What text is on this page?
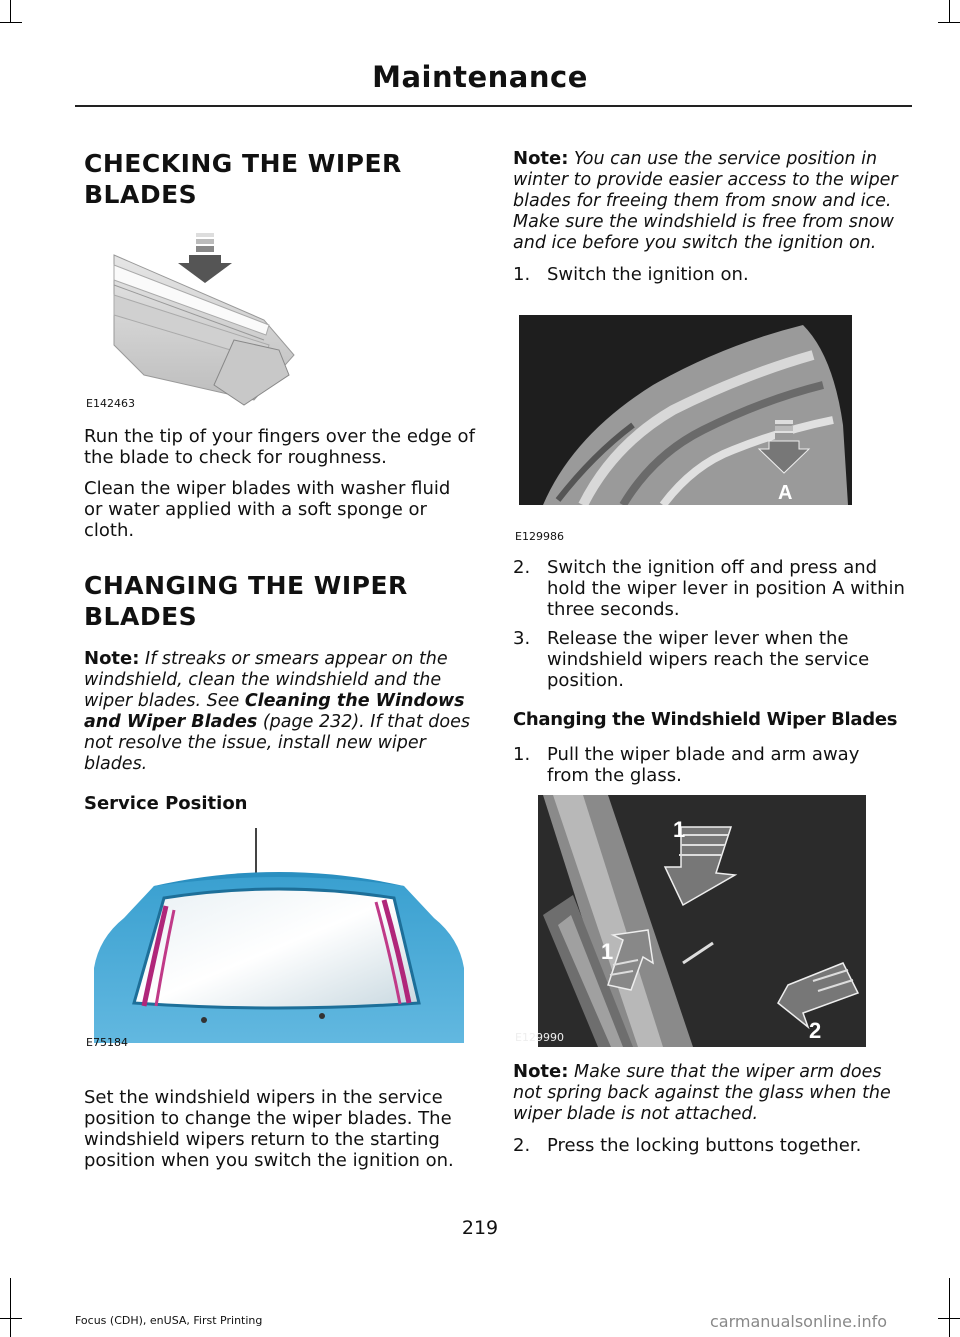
Maintenance
CHECKING THE WIPER
BLADES
E142463
Run the tip of your fingers over the edge of
the blade to check for roughness.
Clean the wiper blades with washer fluid
or water applied with a soft sponge or
cloth.
CHANGING THE WIPER
BLADES
Note: If streaks or smears appear on the
windshield, clean the windshield and the
wiper blades. See Cleaning the Windows
and Wiper Blades (page 232). If that does
not resolve the issue, install new wiper
blades.
Service Position
E75184
Set the windshield wipers in the service
position to change the wiper blades. The
windshield wipers return to the starting
position when you switch the ignition on.
Note: You can use the service position in
winter to provide easier access to the wiper
blades for freeing them from snow and ice.
Make sure the windshield is free from snow
and ice before you switch the ignition on.
1. Switch the ignition on.
A
E129986
2. Switch the ignition off and press and
hold the wiper lever in position A within
three seconds.
3. Release the wiper lever when the
windshield wipers reach the service
position.
Changing the Windshield Wiper Blades
1. Pull the wiper blade and arm away
from the glass.
1
1
2
E129990
Note: Make sure that the wiper arm does
not spring back against the glass when the
wiper blade is not attached.
2. Press the locking buttons together.
219
Focus (CDH), enUSA, First Printing	carmanualsonline.info
